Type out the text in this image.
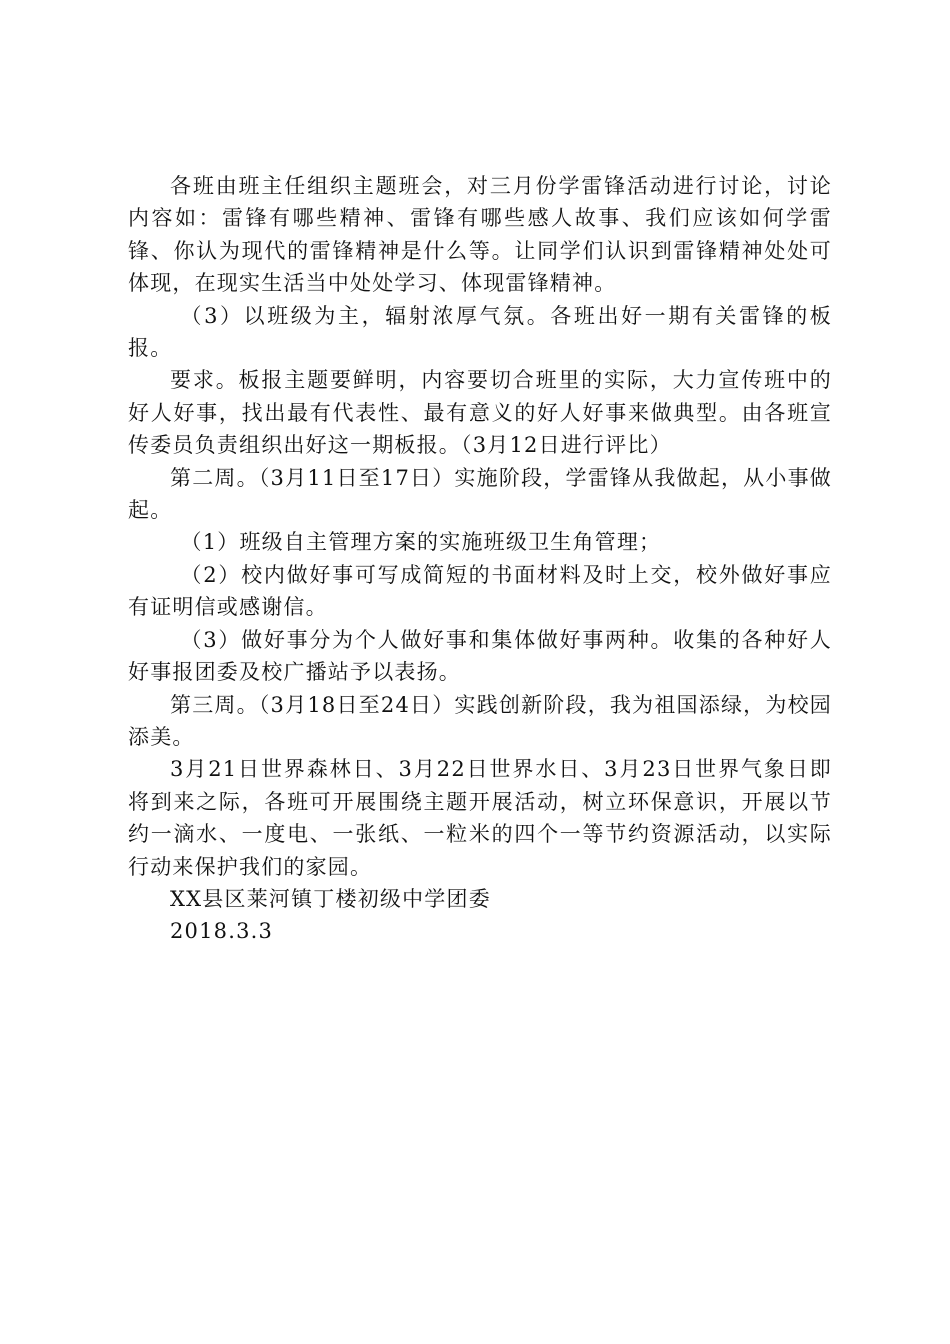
各班由班主任组织主题班会，对三月份学雷锋活动进行讨论，讨论内容如：雷锋有哪些精神、雷锋有哪些感人故事、我们应该如何学雷锋、你认为现代的雷锋精神是什么等。让同学们认识到雷锋精神处处可体现，在现实生活当中处处学习、体现雷锋精神。

（3）以班级为主，辐射浓厚气氛。各班出好一期有关雷锋的板报。

要求。板报主题要鲜明，内容要切合班里的实际，大力宣传班中的好人好事，找出最有代表性、最有意义的好人好事来做典型。由各班宣传委员负责组织出好这一期板报。（3月12日进行评比）

第二周。（3月11日至17日）实施阶段，学雷锋从我做起，从小事做起。

（1）班级自主管理方案的实施班级卫生角管理；

（2）校内做好事可写成简短的书面材料及时上交，校外做好事应有证明信或感谢信。

（3）做好事分为个人做好事和集体做好事两种。收集的各种好人好事报团委及校广播站予以表扬。

第三周。（3月18日至24日）实践创新阶段，我为祖国添绿，为校园添美。

3月21日世界森林日、3月22日世界水日、3月23日世界气象日即将到来之际，各班可开展围绕主题开展活动，树立环保意识，开展以节约一滴水、一度电、一张纸、一粒米的四个一等节约资源活动，以实际行动来保护我们的家园。

XX县区莱河镇丁楼初级中学团委

2018.3.3
